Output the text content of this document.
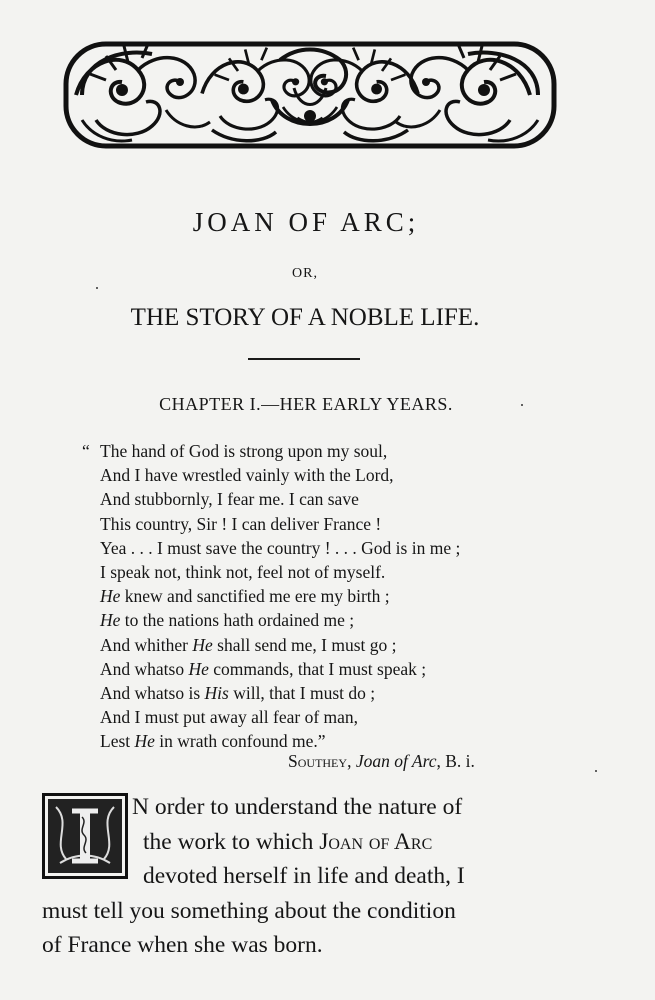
JOAN OF ARC;
OR,
THE STORY OF A NOBLE LIFE.
CHAPTER I.—HER EARLY YEARS.
“ The hand of God is strong upon my soul,
And I have wrestled vainly with the Lord,
And stubbornly, I fear me. I can save
This country, Sir ! I can deliver France !
Yea . . . I must save the country ! . . . God is in me ;
I speak not, think not, feel not of myself.
He knew and sanctified me ere my birth ;
He to the nations hath ordained me ;
And whither He shall send me, I must go ;
And whatso He commands, that I must speak ;
And whatso is His will, that I must do ;
And I must put away all fear of man,
Lest He in wrath confound me.”
Southey, Joan of Arc, B. i.
N order to understand the nature of
the work to which Joan of Arc
devoted herself in life and death, I
must tell you something about the condition
of France when she was born.
